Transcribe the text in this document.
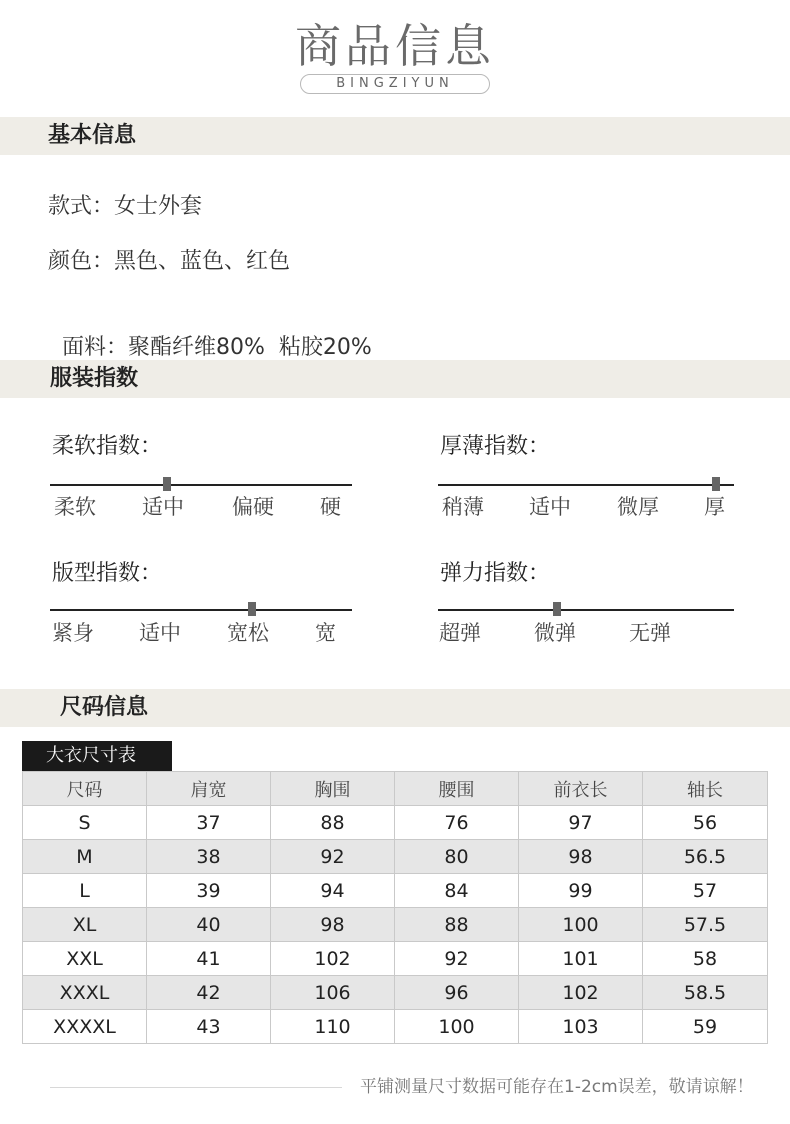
商品信息
BINGZIYUN
基本信息
款式：女士外套
颜色：黑色、蓝色、红色

面料：聚酯纤维80%  粘胶20%

服装指数
柔软指数：
柔软 适中 偏硬 硬
厚薄指数：
稍薄 适中 微厚 厚
版型指数：
紧身 适中 宽松 宽
弹力指数：
超弹	微弹	无弹
尺码信息
大衣尺寸表
尺码	肩宽	胸围	腰围	前衣长	轴长
S	37	88	76	97	56
M	38	92	80	98	56.5
L	39	94	84	99	57
XL	40	98	88	100	57.5
XXL	41	102	92	101	58
XXXL	42	106	96	102	58.5
XXXXL	43	110	100	103	59
平铺测量尺寸数据可能存在1-2cm误差，敬请谅解！
